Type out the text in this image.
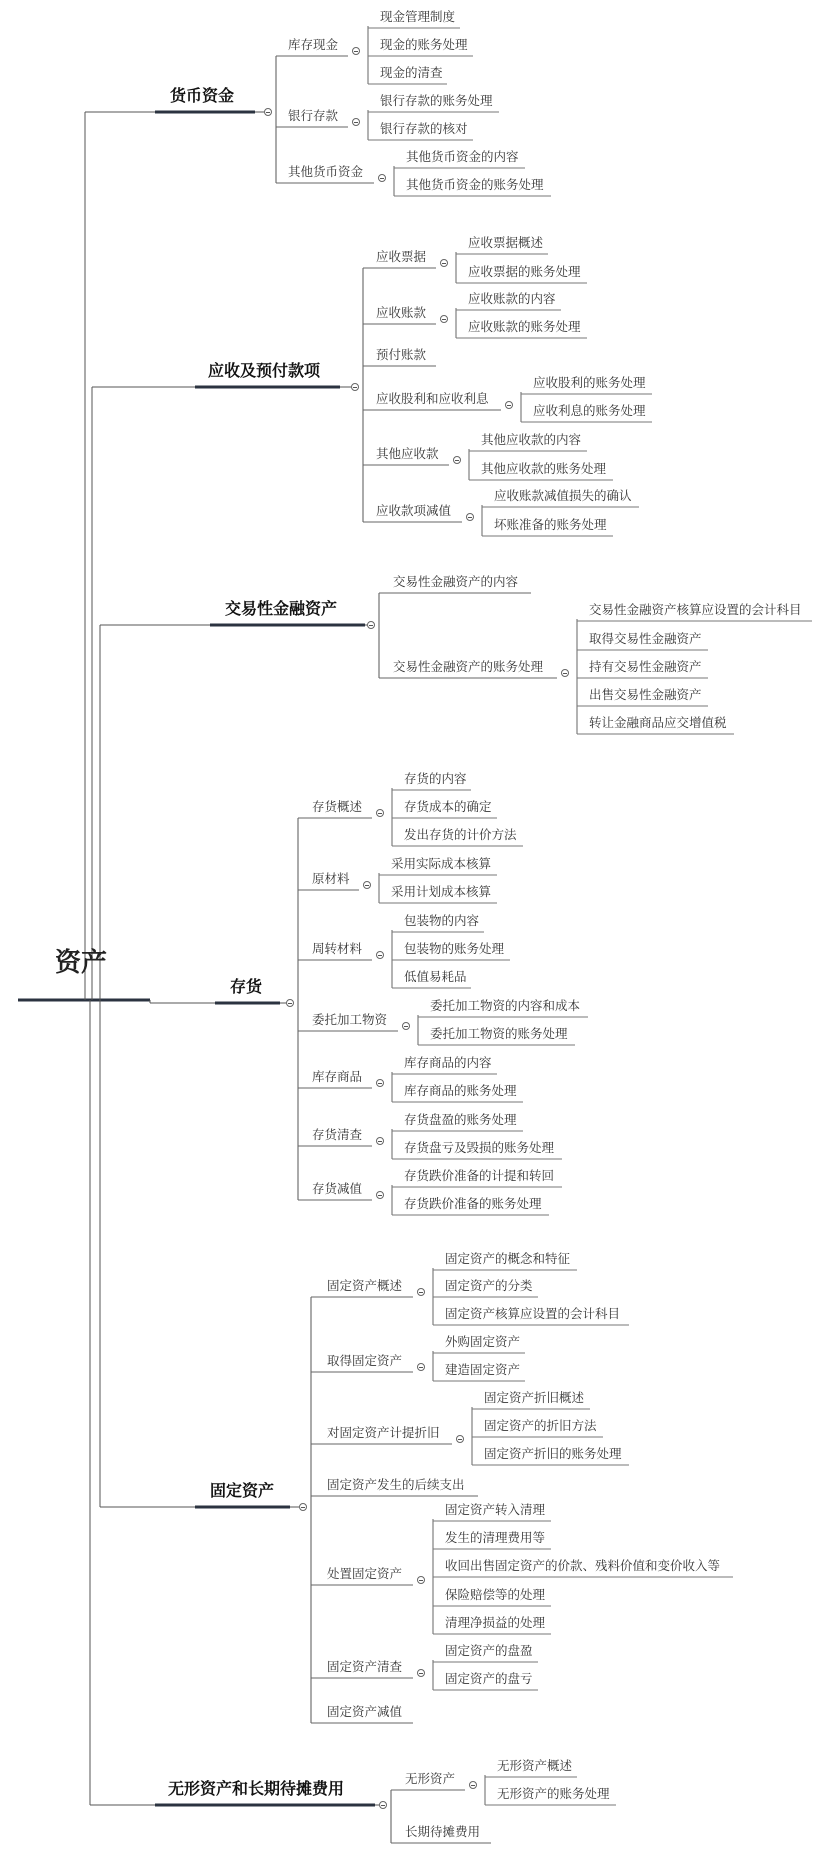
资产
货币资金
库存现金
现金管理制度
现金的账务处理
现金的清查
银行存款
银行存款的账务处理
银行存款的核对
其他货币资金
其他货币资金的内容
其他货币资金的账务处理
应收及预付款项
应收票据
应收票据概述
应收票据的账务处理
应收账款
应收账款的内容
应收账款的账务处理
预付账款
应收股利和应收利息
应收股利的账务处理
应收利息的账务处理
其他应收款
其他应收款的内容
其他应收款的账务处理
应收款项减值
应收账款减值损失的确认
坏账准备的账务处理
交易性金融资产
交易性金融资产的内容
交易性金融资产的账务处理
交易性金融资产核算应设置的会计科目
取得交易性金融资产
持有交易性金融资产
出售交易性金融资产
转让金融商品应交增值税
存货
存货概述
存货的内容
存货成本的确定
发出存货的计价方法
原材料
采用实际成本核算
采用计划成本核算
周转材料
包装物的内容
包装物的账务处理
低值易耗品
委托加工物资
委托加工物资的内容和成本
委托加工物资的账务处理
库存商品
库存商品的内容
库存商品的账务处理
存货清查
存货盘盈的账务处理
存货盘亏及毁损的账务处理
存货减值
存货跌价准备的计提和转回
存货跌价准备的账务处理
固定资产
固定资产概述
固定资产的概念和特征
固定资产的分类
固定资产核算应设置的会计科目
取得固定资产
外购固定资产
建造固定资产
对固定资产计提折旧
固定资产折旧概述
固定资产的折旧方法
固定资产折旧的账务处理
固定资产发生的后续支出
处置固定资产
固定资产转入清理
发生的清理费用等
收回出售固定资产的价款、残料价值和变价收入等
保险赔偿等的处理
清理净损益的处理
固定资产清查
固定资产的盘盈
固定资产的盘亏
固定资产减值
无形资产和长期待摊费用
无形资产
无形资产概述
无形资产的账务处理
长期待摊费用
